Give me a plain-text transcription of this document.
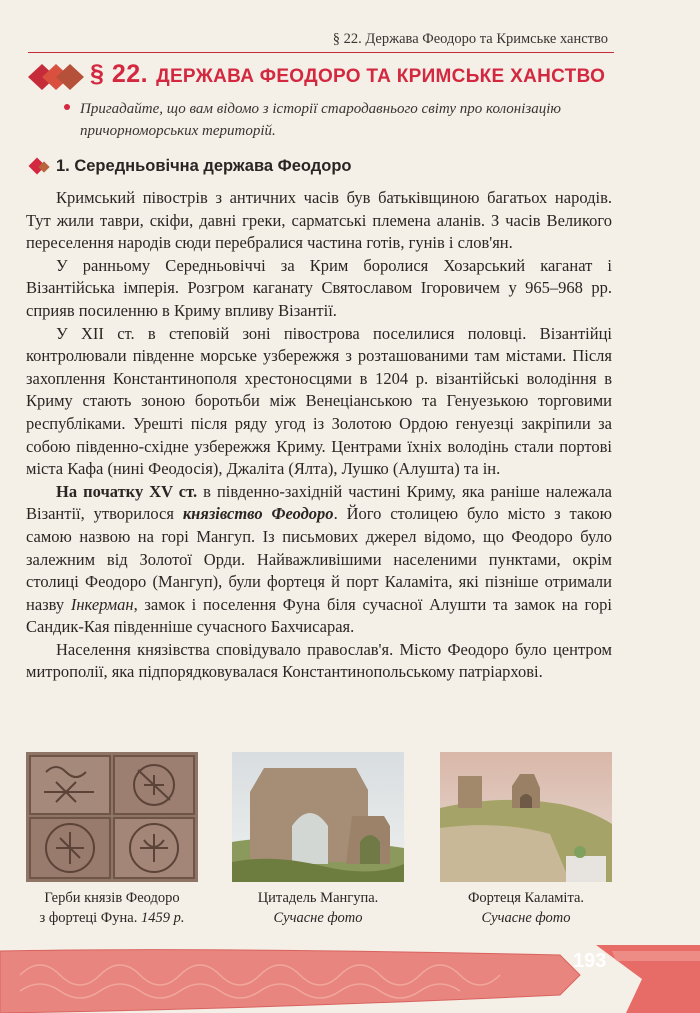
§ 22. Держава Феодоро та Кримське ханство
§ 22. ДЕРЖАВА ФЕОДОРО ТА КРИМСЬКЕ ХАНСТВО
Пригадайте, що вам відомо з історії стародавнього світу про колонізацію причорноморських територій.
1. Середньовічна держава Феодоро

Кримський півострів з античних часів був батьківщиною багатьох народів. Тут жили таври, скіфи, давні греки, сарматські племена аланів. З часів Великого переселення народів сюди перебралися частина готів, гунів і слов'ян.

У ранньому Середньовіччі за Крим боролися Хозарський каганат і Візантійська імперія. Розгром каганату Святославом Ігоровичем у 965–968 рр. сприяв посиленню в Криму впливу Візантії.

У XII ст. в степовій зоні півострова поселилися половці. Візантійці контролювали південне морське узбережжя з розташованими там містами. Після захоплення Константинополя хрестоносцями в 1204 р. візантійські володіння в Криму стають зоною боротьби між Венеціанською та Генуезькою торговими республіками. Урешті після ряду угод із Золотою Ордою генуезці закріпили за собою південно-східне узбережжя Криму. Центрами їхніх володінь стали портові міста Кафа (нині Феодосія), Джаліта (Ялта), Лушко (Алушта) та ін.

На початку XV ст. в південно-західній частині Криму, яка раніше належала Візантії, утворилося князівство Феодоро. Його столицею було місто з такою самою назвою на горі Мангуп. Із письмових джерел відомо, що Феодоро було залежним від Золотої Орди. Найважливішими населеними пунктами, окрім столиці Феодоро (Мангуп), були фортеця й порт Каламіта, які пізніше отримали назву Інкерман, замок і поселення Фуна біля сучасної Алушти та замок на горі Сандик-Кая південніше сучасного Бахчисарая.

Населення князівства сповідувало православ'я. Місто Феодоро було центром митрополії, яка підпорядковувалася Константинопольському патріархові.

Герби князів Феодоро
з фортеці Фуна. 1459 р.
Цитадель Мангупа.
Сучасне фото
Фортеця Каламіта.
Сучасне фото
193
